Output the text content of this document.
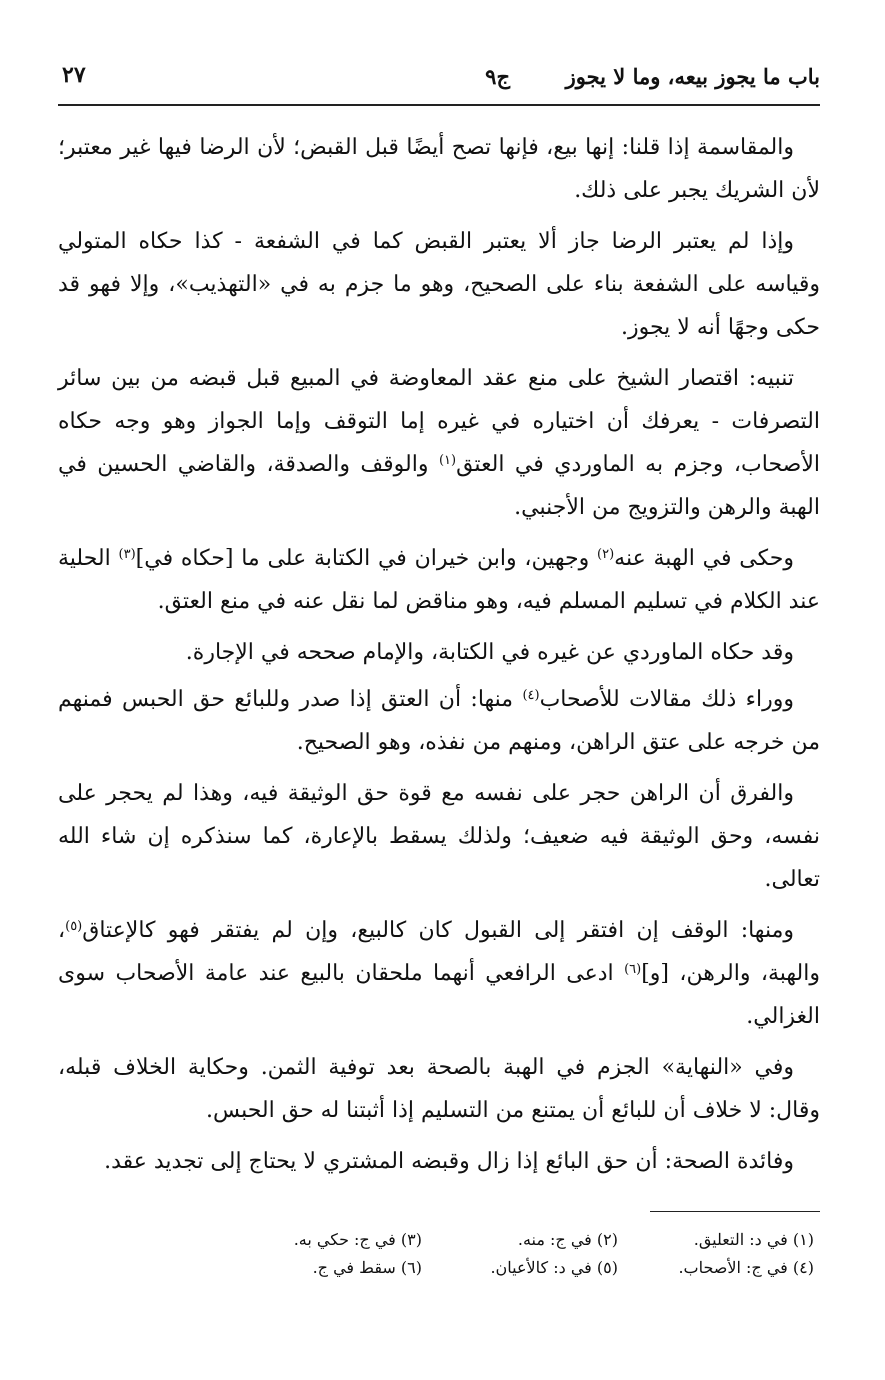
باب ما يجوز بيعه، وما لا يجوز
ج٩
٢٧

والمقاسمة إذا قلنا: إنها بيع، فإنها تصح أيضًا قبل القبض؛ لأن الرضا فيها غير معتبر؛ لأن الشريك يجبر على ذلك.

وإذا لم يعتبر الرضا جاز ألا يعتبر القبض كما في الشفعة - كذا حكاه المتولي وقياسه على الشفعة بناء على الصحيح، وهو ما جزم به في «التهذيب»، وإلا فهو قد حكى وجهًا أنه لا يجوز.

تنبيه: اقتصار الشيخ على منع عقد المعاوضة في المبيع قبل قبضه من بين سائر التصرفات - يعرفك أن اختياره في غيره إما التوقف وإما الجواز وهو وجه حكاه الأصحاب، وجزم به الماوردي في العتق$^{(١)}$ والوقف والصدقة، والقاضي الحسين في الهبة والرهن والتزويج من الأجنبي.

وحكى في الهبة عنه$^{(٢)}$ وجهين، وابن خيران في الكتابة على ما [حكاه في]$^{(٣)}$ الحلية عند الكلام في تسليم المسلم فيه، وهو مناقض لما نقل عنه في منع العتق.

وقد حكاه الماوردي عن غيره في الكتابة، والإمام صححه في الإجارة.

ووراء ذلك مقالات للأصحاب$^{(٤)}$ منها: أن العتق إذا صدر وللبائع حق الحبس فمنهم من خرجه على عتق الراهن، ومنهم من نفذه، وهو الصحيح.

والفرق أن الراهن حجر على نفسه مع قوة حق الوثيقة فيه، وهذا لم يحجر على نفسه، وحق الوثيقة فيه ضعيف؛ ولذلك يسقط بالإعارة، كما سنذكره إن شاء الله تعالى.

ومنها: الوقف إن افتقر إلى القبول كان كالبيع، وإن لم يفتقر فهو كالإعتاق$^{(٥)}$، والهبة، والرهن، [و]$^{(٦)}$ ادعى الرافعي أنهما ملحقان بالبيع عند عامة الأصحاب سوى الغزالي.

وفي «النهاية» الجزم في الهبة بالصحة بعد توفية الثمن. وحكاية الخلاف قبله، وقال: لا خلاف أن للبائع أن يمتنع من التسليم إذا أثبتنا له حق الحبس.

وفائدة الصحة: أن حق البائع إذا زال وقبضه المشتري لا يحتاج إلى تجديد عقد.

(١) في د: التعليق.
(٢) في ج: منه.
(٣) في ج: حكي به.
(٤) في ج: الأصحاب.
(٥) في د: كالأعيان.
(٦) سقط في ج.
